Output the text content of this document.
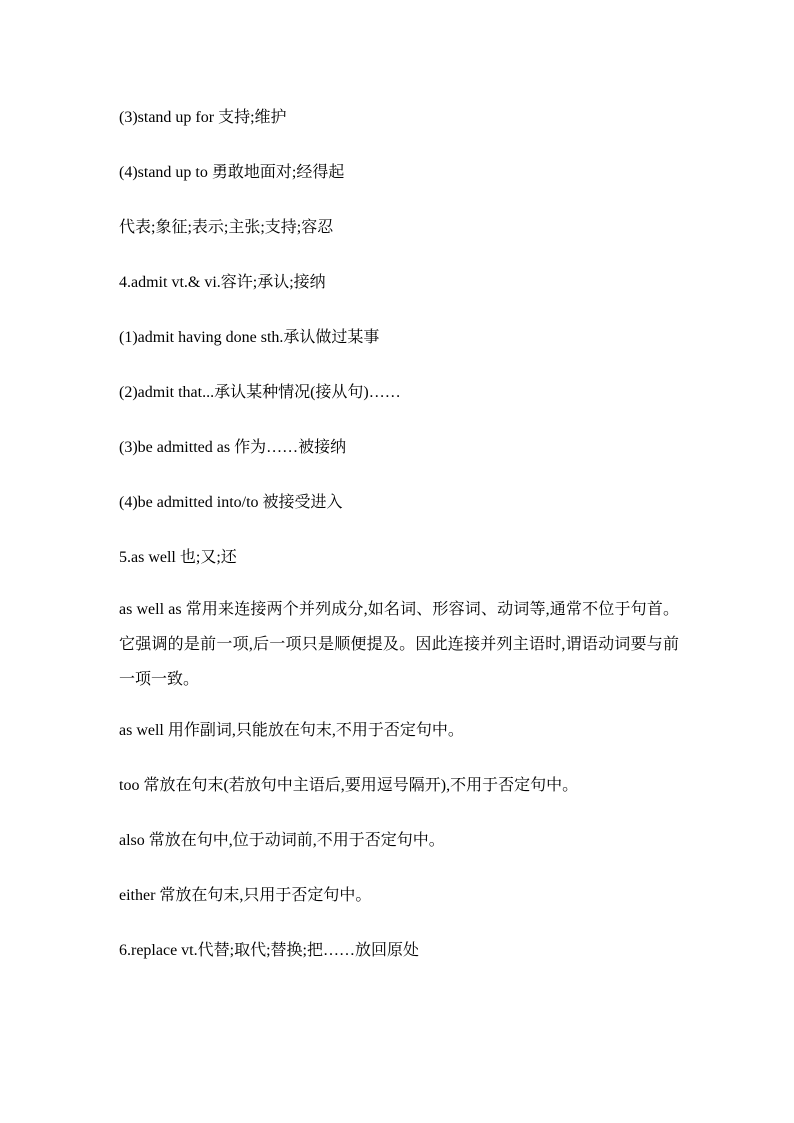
(3)stand up for 支持;维护

(4)stand up to 勇敢地面对;经得起

代表;象征;表示;主张;支持;容忍

4.admit vt.& vi.容许;承认;接纳

(1)admit having done sth.承认做过某事

(2)admit that...承认某种情况(接从句)……

(3)be admitted as 作为……被接纳

(4)be admitted into/to 被接受进入

5.as well 也;又;还

as well as 常用来连接两个并列成分,如名词、形容词、动词等,通常不位于句首。它强调的是前一项,后一项只是顺便提及。因此连接并列主语时,谓语动词要与前一项一致。

as well 用作副词,只能放在句末,不用于否定句中。

too 常放在句末(若放句中主语后,要用逗号隔开),不用于否定句中。

also 常放在句中,位于动词前,不用于否定句中。

either 常放在句末,只用于否定句中。

6.replace vt.代替;取代;替换;把……放回原处
